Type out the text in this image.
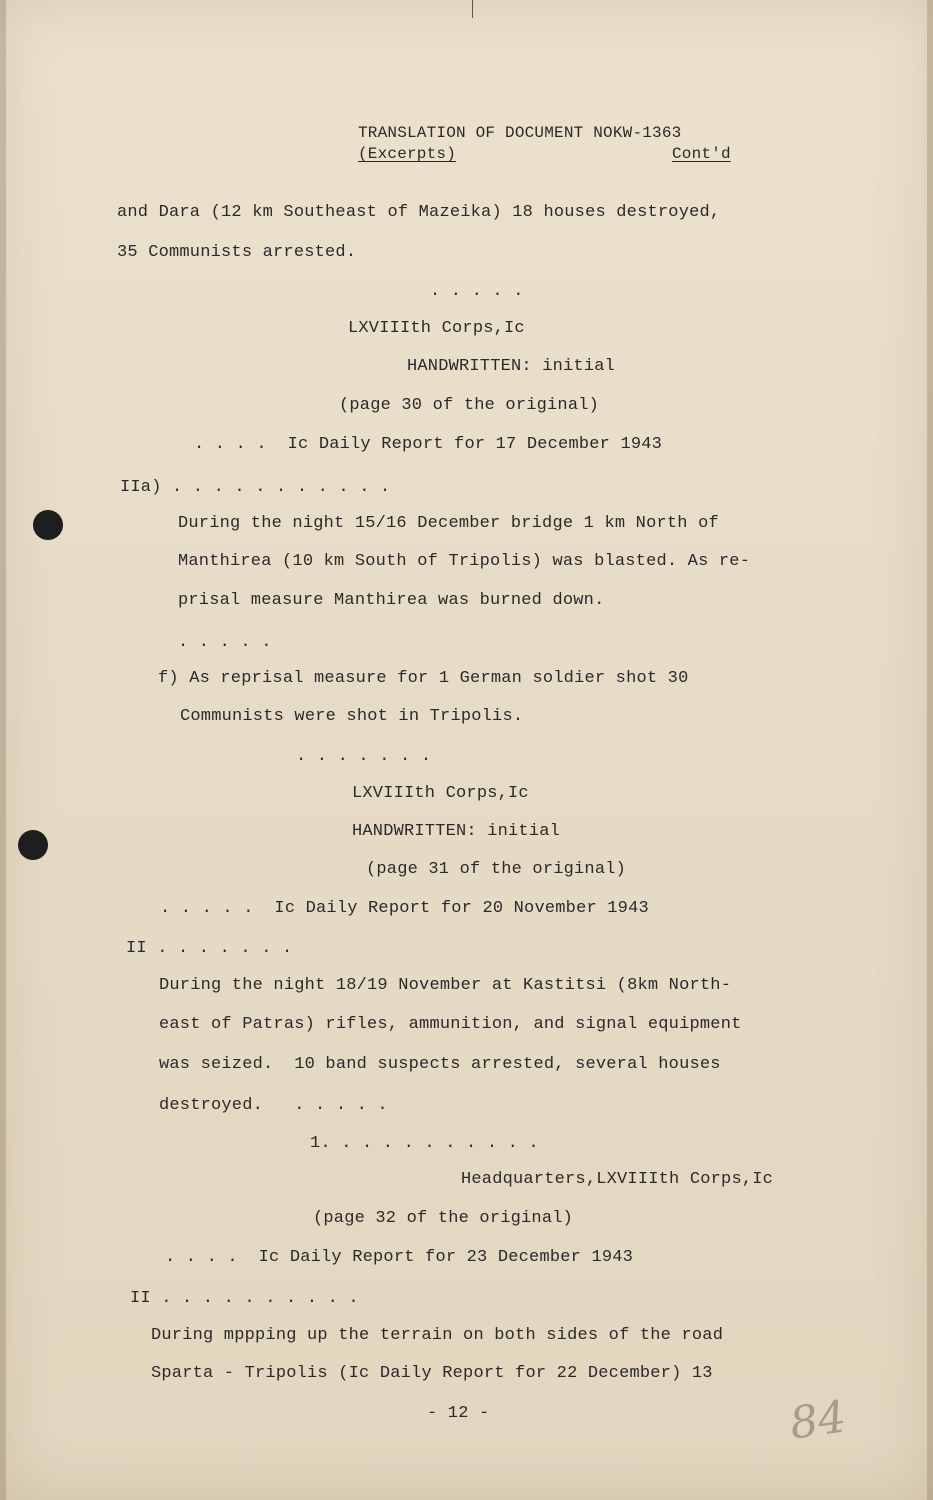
TRANSLATION OF DOCUMENT NOKW-1363
(Excerpts)	Cont'd
and Dara (12 km Southeast of Mazeika) 18 houses destroyed,
35 Communists arrested.
. . . . .
LXVIIIth Corps,Ic
HANDWRITTEN: initial
(page 30 of the original)
. . . .  Ic Daily Report for 17 December 1943
IIa) . . . . . . . . . . .
During the night 15/16 December bridge 1 km North of
Manthirea (10 km South of Tripolis) was blasted. As re-
prisal measure Manthirea was burned down.
. . . . .
f) As reprisal measure for 1 German soldier shot 30
Communists were shot in Tripolis.
. . . . . . .
LXVIIIth Corps,Ic
HANDWRITTEN: initial
(page 31 of the original)
. . . . .  Ic Daily Report for 20 November 1943
II . . . . . . .
During the night 18/19 November at Kastitsi (8km North-
east of Patras) rifles, ammunition, and signal equipment
was seized.  10 band suspects arrested, several houses
destroyed.   . . . . .
1. . . . . . . . . . .
Headquarters,LXVIIIth Corps,Ic
(page 32 of the original)
. . . .  Ic Daily Report for 23 December 1943
II . . . . . . . . . .
During mppping up the terrain on both sides of the road
Sparta - Tripolis (Ic Daily Report for 22 December) 13
- 12 -	84
